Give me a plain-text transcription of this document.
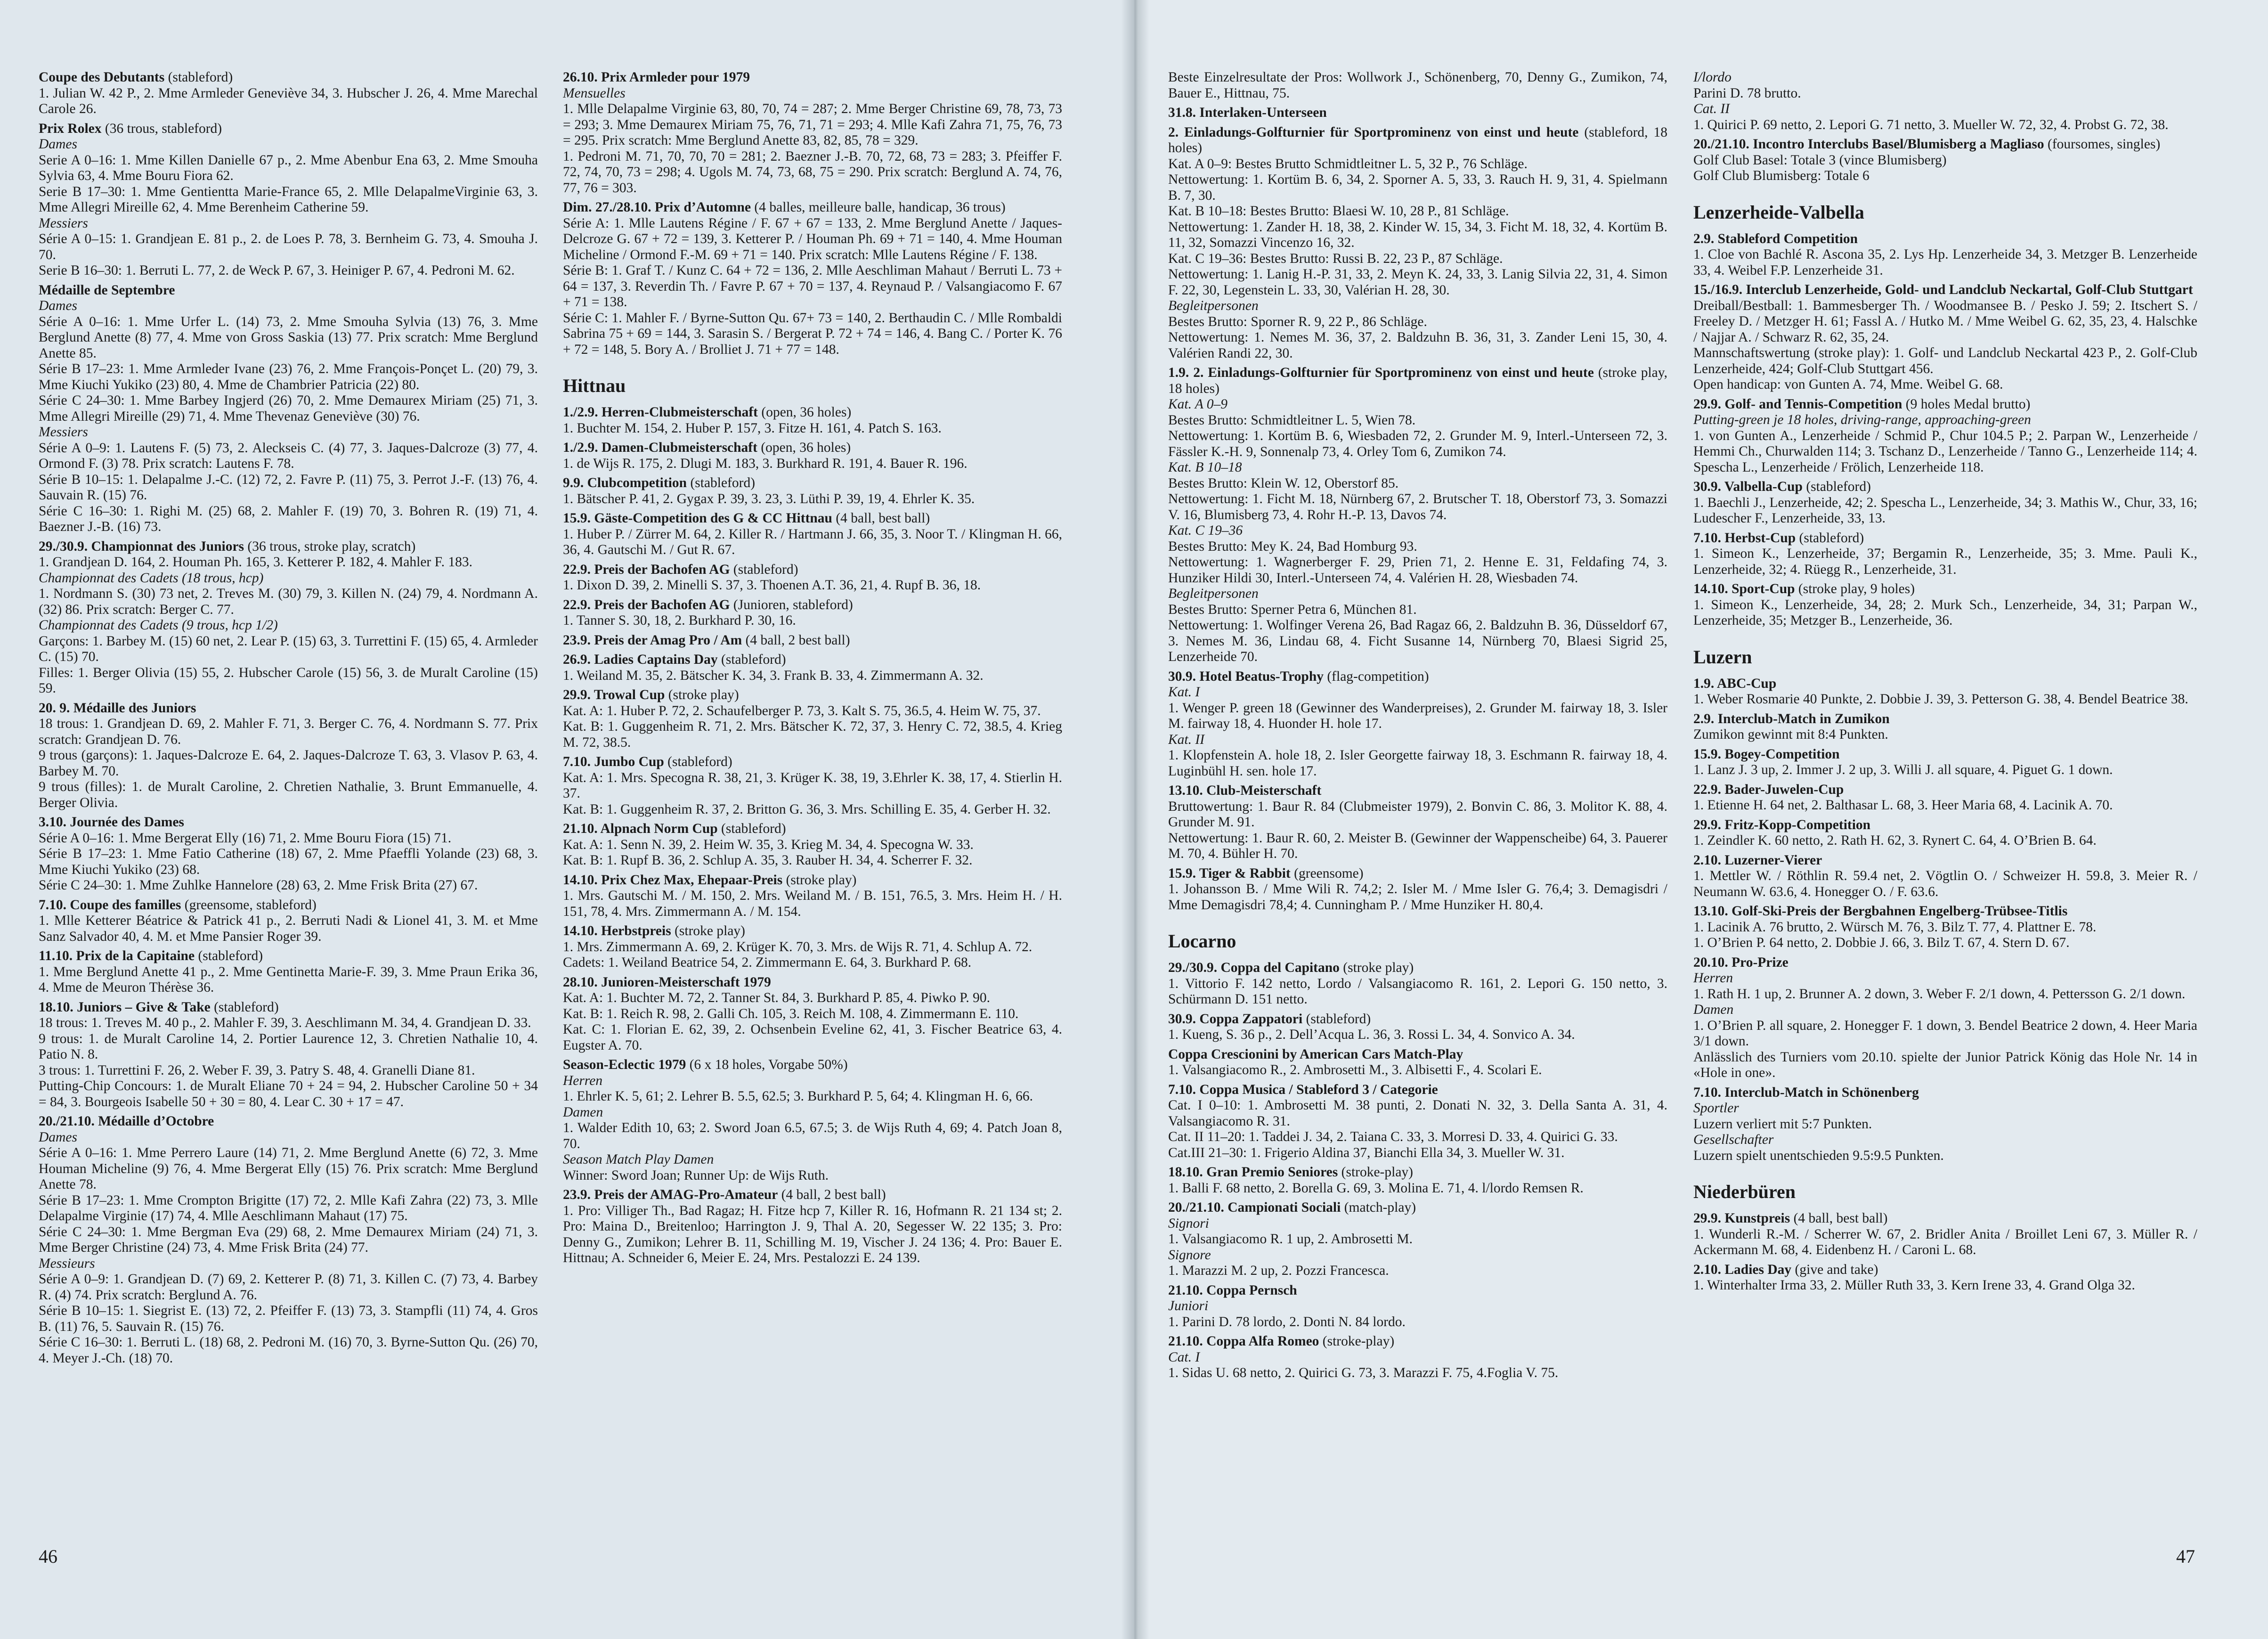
Coupe des Debutants (stableford)

1. Julian W. 42 P., 2. Mme Armleder Geneviève 34, 3. Hubscher J. 26, 4. Mme Marechal Carole 26.

Prix Rolex (36 trous, stableford)

Dames

Serie A 0–16: 1. Mme Killen Danielle 67 p., 2. Mme Abenbur Ena 63, 2. Mme Smouha Sylvia 63, 4. Mme Bouru Fiora 62.

Serie B 17–30: 1. Mme Gentientta Marie-France 65, 2. Mlle DelapalmeVirginie 63, 3. Mme Allegri Mireille 62, 4. Mme Berenheim Catherine 59.

Messiers

Série A 0–15: 1. Grandjean E. 81 p., 2. de Loes P. 78, 3. Bernheim G. 73, 4. Smouha J. 70.

Serie B 16–30: 1. Berruti L. 77, 2. de Weck P. 67, 3. Heiniger P. 67, 4. Pedroni M. 62.

Médaille de Septembre

Dames

Série A 0–16: 1. Mme Urfer L. (14) 73, 2. Mme Smouha Sylvia (13) 76, 3. Mme Berglund Anette (8) 77, 4. Mme von Gross Saskia (13) 77. Prix scratch: Mme Berglund Anette 85.

Série B 17–23: 1. Mme Armleder Ivane (23) 76, 2. Mme François-Ponçet L. (20) 79, 3. Mme Kiuchi Yukiko (23) 80, 4. Mme de Chambrier Patricia (22) 80.

Série C 24–30: 1. Mme Barbey Ingjerd (26) 70, 2. Mme Demaurex Miriam (25) 71, 3. Mme Allegri Mireille (29) 71, 4. Mme Thevenaz Geneviève (30) 76.

Messiers

Série A 0–9: 1. Lautens F. (5) 73, 2. Aleckseis C. (4) 77, 3. Jaques-Dalcroze (3) 77, 4. Ormond F. (3) 78. Prix scratch: Lautens F. 78.

Série B 10–15: 1. Delapalme J.-C. (12) 72, 2. Favre P. (11) 75, 3. Perrot J.-F. (13) 76, 4. Sauvain R. (15) 76.

Série C 16–30: 1. Righi M. (25) 68, 2. Mahler F. (19) 70, 3. Bohren R. (19) 71, 4. Baezner J.-B. (16) 73.

29./30.9. Championnat des Juniors (36 trous, stroke play, scratch)

1. Grandjean D. 164, 2. Houman Ph. 165, 3. Ketterer P. 182, 4. Mahler F. 183.

Championnat des Cadets (18 trous, hcp)

1. Nordmann S. (30) 73 net, 2. Treves M. (30) 79, 3. Killen N. (24) 79, 4. Nordmann A. (32) 86. Prix scratch: Berger C. 77.

Championnat des Cadets (9 trous, hcp 1/2)

Garçons: 1. Barbey M. (15) 60 net, 2. Lear P. (15) 63, 3. Turrettini F. (15) 65, 4. Armleder C. (15) 70.

Filles: 1. Berger Olivia (15) 55, 2. Hubscher Carole (15) 56, 3. de Muralt Caroline (15) 59.

20. 9. Médaille des Juniors

18 trous: 1. Grandjean D. 69, 2. Mahler F. 71, 3. Berger C. 76, 4. Nordmann S. 77. Prix scratch: Grandjean D. 76.

9 trous (garçons): 1. Jaques-Dalcroze E. 64, 2. Jaques-Dalcroze T. 63, 3. Vlasov P. 63, 4. Barbey M. 70.

9 trous (filles): 1. de Muralt Caroline, 2. Chretien Nathalie, 3. Brunt Emmanuelle, 4. Berger Olivia.

3.10. Journée des Dames

Série A 0–16: 1. Mme Bergerat Elly (16) 71, 2. Mme Bouru Fiora (15) 71.

Série B 17–23: 1. Mme Fatio Catherine (18) 67, 2. Mme Pfaeffli Yolande (23) 68, 3. Mme Kiuchi Yukiko (23) 68.

Série C 24–30: 1. Mme Zuhlke Hannelore (28) 63, 2. Mme Frisk Brita (27) 67.

7.10. Coupe des familles (greensome, stableford)

1. Mlle Ketterer Béatrice & Patrick 41 p., 2. Berruti Nadi & Lionel 41, 3. M. et Mme Sanz Salvador 40, 4. M. et Mme Pansier Roger 39.

11.10. Prix de la Capitaine (stableford)

1. Mme Berglund Anette 41 p., 2. Mme Gentinetta Marie-F. 39, 3. Mme Praun Erika 36, 4. Mme de Meuron Thérèse 36.

18.10. Juniors – Give & Take (stableford)

18 trous: 1. Treves M. 40 p., 2. Mahler F. 39, 3. Aeschlimann M. 34, 4. Grandjean D. 33.

9 trous: 1. de Muralt Caroline 14, 2. Portier Laurence 12, 3. Chretien Nathalie 10, 4. Patio N. 8.

3 trous: 1. Turrettini F. 26, 2. Weber F. 39, 3. Patry S. 48, 4. Granelli Diane 81.

Putting-Chip Concours: 1. de Muralt Eliane 70 + 24 = 94, 2. Hubscher Caroline 50 + 34 = 84, 3. Bourgeois Isabelle 50 + 30 = 80, 4. Lear C. 30 + 17 = 47.

20./21.10. Médaille d’Octobre

Dames

Série A 0–16: 1. Mme Perrero Laure (14) 71, 2. Mme Berglund Anette (6) 72, 3. Mme Houman Micheline (9) 76, 4. Mme Bergerat Elly (15) 76. Prix scratch: Mme Berglund Anette 78.

Série B 17–23: 1. Mme Crompton Brigitte (17) 72, 2. Mlle Kafi Zahra (22) 73, 3. Mlle Delapalme Virginie (17) 74, 4. Mlle Aeschlimann Mahaut (17) 75.

Série C 24–30: 1. Mme Bergman Eva (29) 68, 2. Mme Demaurex Miriam (24) 71, 3. Mme Berger Christine (24) 73, 4. Mme Frisk Brita (24) 77.

Messieurs

Série A 0–9: 1. Grandjean D. (7) 69, 2. Ketterer P. (8) 71, 3. Killen C. (7) 73, 4. Barbey R. (4) 74. Prix scratch: Berglund A. 76.

Série B 10–15: 1. Siegrist E. (13) 72, 2. Pfeiffer F. (13) 73, 3. Stampfli (11) 74, 4. Gros B. (11) 76, 5. Sauvain R. (15) 76.

Série C 16–30: 1. Berruti L. (18) 68, 2. Pedroni M. (16) 70, 3. Byrne-Sutton Qu. (26) 70, 4. Meyer J.-Ch. (18) 70.

26.10. Prix Armleder pour 1979

Mensuelles

1. Mlle Delapalme Virginie 63, 80, 70, 74 = 287; 2. Mme Berger Christine 69, 78, 73, 73 = 293; 3. Mme Demaurex Miriam 75, 76, 71, 71 = 293; 4. Mlle Kafi Zahra 71, 75, 76, 73 = 295. Prix scratch: Mme Berglund Anette 83, 82, 85, 78 = 329.

1. Pedroni M. 71, 70, 70, 70 = 281; 2. Baezner J.-B. 70, 72, 68, 73 = 283; 3. Pfeiffer F. 72, 74, 70, 73 = 298; 4. Ugols M. 74, 73, 68, 75 = 290. Prix scratch: Berglund A. 74, 76, 77, 76 = 303.

Dim. 27./28.10. Prix d’Automne (4 balles, meilleure balle, handicap, 36 trous)

Série A: 1. Mlle Lautens Régine / F. 67 + 67 = 133, 2. Mme Berglund Anette / Jaques-Delcroze G. 67 + 72 = 139, 3. Ketterer P. / Houman Ph. 69 + 71 = 140, 4. Mme Houman Micheline / Ormond F.-M. 69 + 71 = 140. Prix scratch: Mlle Lautens Régine / F. 138.

Série B: 1. Graf T. / Kunz C. 64 + 72 = 136, 2. Mlle Aeschliman Mahaut / Berruti L. 73 + 64 = 137, 3. Reverdin Th. / Favre P. 67 + 70 = 137, 4. Reynaud P. / Valsangiacomo F. 67 + 71 = 138.

Série C: 1. Mahler F. / Byrne-Sutton Qu. 67+ 73 = 140, 2. Berthaudin C. / Mlle Rombaldi Sabrina 75 + 69 = 144, 3. Sarasin S. / Bergerat P. 72 + 74 = 146, 4. Bang C. / Porter K. 76 + 72 = 148, 5. Bory A. / Brolliet J. 71 + 77 = 148.

Hittnau

1./2.9. Herren-Clubmeisterschaft (open, 36 holes)

1. Buchter M. 154, 2. Huber P. 157, 3. Fitze H. 161, 4. Patch S. 163.

1./2.9. Damen-Clubmeisterschaft (open, 36 holes)

1. de Wijs R. 175, 2. Dlugi M. 183, 3. Burkhard R. 191, 4. Bauer R. 196.

9.9. Clubcompetition (stableford)

1. Bätscher P. 41, 2. Gygax P. 39, 3. 23, 3. Lüthi P. 39, 19, 4. Ehrler K. 35.

15.9. Gäste-Competition des G & CC Hittnau (4 ball, best ball)

1. Huber P. / Zürrer M. 64, 2. Killer R. / Hartmann J. 66, 35, 3. Noor T. / Klingman H. 66, 36, 4. Gautschi M. / Gut R. 67.

22.9. Preis der Bachofen AG (stableford)

1. Dixon D. 39, 2. Minelli S. 37, 3. Thoenen A.T. 36, 21, 4. Rupf B. 36, 18.

22.9. Preis der Bachofen AG (Junioren, stableford)

1. Tanner S. 30, 18, 2. Burkhard P. 30, 16.

23.9. Preis der Amag Pro / Am (4 ball, 2 best ball)

26.9. Ladies Captains Day (stableford)

1. Weiland M. 35, 2. Bätscher K. 34, 3. Frank B. 33, 4. Zimmermann A. 32.

29.9. Trowal Cup (stroke play)

Kat. A: 1. Huber P. 72, 2. Schaufelberger P. 73, 3. Kalt S. 75, 36.5, 4. Heim W. 75, 37.

Kat. B: 1. Guggenheim R. 71, 2. Mrs. Bätscher K. 72, 37, 3. Henry C. 72, 38.5, 4. Krieg M. 72, 38.5.

7.10. Jumbo Cup (stableford)

Kat. A: 1. Mrs. Specogna R. 38, 21, 3. Krüger K. 38, 19, 3.Ehrler K. 38, 17, 4. Stierlin H. 37.

Kat. B: 1. Guggenheim R. 37, 2. Britton G. 36, 3. Mrs. Schilling E. 35, 4. Gerber H. 32.

21.10. Alpnach Norm Cup (stableford)

Kat. A: 1. Senn N. 39, 2. Heim W. 35, 3. Krieg M. 34, 4. Specogna W. 33.

Kat. B: 1. Rupf B. 36, 2. Schlup A. 35, 3. Rauber H. 34, 4. Scherrer F. 32.

14.10. Prix Chez Max, Ehepaar-Preis (stroke play)

1. Mrs. Gautschi M. / M. 150, 2. Mrs. Weiland M. / B. 151, 76.5, 3. Mrs. Heim H. / H. 151, 78, 4. Mrs. Zimmermann A. / M. 154.

14.10. Herbstpreis (stroke play)

1. Mrs. Zimmermann A. 69, 2. Krüger K. 70, 3. Mrs. de Wijs R. 71, 4. Schlup A. 72.

Cadets: 1. Weiland Beatrice 54, 2. Zimmermann E. 64, 3. Burkhard P. 68.

28.10. Junioren-Meisterschaft 1979

Kat. A: 1. Buchter M. 72, 2. Tanner St. 84, 3. Burkhard P. 85, 4. Piwko P. 90.

Kat. B: 1. Reich R. 98, 2. Galli Ch. 105, 3. Reich M. 108, 4. Zimmermann E. 110.

Kat. C: 1. Florian E. 62, 39, 2. Ochsenbein Eveline 62, 41, 3. Fischer Beatrice 63, 4. Eugster A. 70.

Season-Eclectic 1979 (6 x 18 holes, Vorgabe 50%)

Herren

1. Ehrler K. 5, 61; 2. Lehrer B. 5.5, 62.5; 3. Burkhard P. 5, 64; 4. Klingman H. 6, 66.

Damen

1. Walder Edith 10, 63; 2. Sword Joan 6.5, 67.5; 3. de Wijs Ruth 4, 69; 4. Patch Joan 8, 70.

Season Match Play Damen

Winner: Sword Joan; Runner Up: de Wijs Ruth.

23.9. Preis der AMAG-Pro-Amateur (4 ball, 2 best ball)

1. Pro: Villiger Th., Bad Ragaz; H. Fitze hcp 7, Killer R. 16, Hofmann R. 21 134 st; 2. Pro: Maina D., Breitenloo; Harrington J. 9, Thal A. 20, Segesser W. 22 135; 3. Pro: Denny G., Zumikon; Lehrer B. 11, Schilling M. 19, Vischer J. 24 136; 4. Pro: Bauer E. Hittnau; A. Schneider 6, Meier E. 24, Mrs. Pestalozzi E. 24 139.

46

Beste Einzelresultate der Pros: Wollwork J., Schönenberg, 70, Denny G., Zumikon, 74, Bauer E., Hittnau, 75.

31.8. Interlaken-Unterseen

2. Einladungs-Golfturnier für Sportprominenz von einst und heute (stableford, 18 holes)

Kat. A 0–9: Bestes Brutto Schmidtleitner L. 5, 32 P., 76 Schläge.

Nettowertung: 1. Kortüm B. 6, 34, 2. Sporner A. 5, 33, 3. Rauch H. 9, 31, 4. Spielmann B. 7, 30.

Kat. B 10–18: Bestes Brutto: Blaesi W. 10, 28 P., 81 Schläge.

Nettowertung: 1. Zander H. 18, 38, 2. Kinder W. 15, 34, 3. Ficht M. 18, 32, 4. Kortüm B. 11, 32, Somazzi Vincenzo 16, 32.

Kat. C 19–36: Bestes Brutto: Russi B. 22, 23 P., 87 Schläge.

Nettowertung: 1. Lanig H.-P. 31, 33, 2. Meyn K. 24, 33, 3. Lanig Silvia 22, 31, 4. Simon F. 22, 30, Legenstein L. 33, 30, Valérian H. 28, 30.

Begleitpersonen

Bestes Brutto: Sporner R. 9, 22 P., 86 Schläge.

Nettowertung: 1. Nemes M. 36, 37, 2. Baldzuhn B. 36, 31, 3. Zander Leni 15, 30, 4. Valérien Randi 22, 30.

1.9. 2. Einladungs-Golfturnier für Sportprominenz von einst und heute (stroke play, 18 holes)

Kat. A 0–9

Bestes Brutto: Schmidtleitner L. 5, Wien 78.

Nettowertung: 1. Kortüm B. 6, Wiesbaden 72, 2. Grunder M. 9, Interl.-Unterseen 72, 3. Fässler K.-H. 9, Sonnenalp 73, 4. Orley Tom 6, Zumikon 74.

Kat. B 10–18

Bestes Brutto: Klein W. 12, Oberstorf 85.

Nettowertung: 1. Ficht M. 18, Nürnberg 67, 2. Brutscher T. 18, Oberstorf 73, 3. Somazzi V. 16, Blumisberg 73, 4. Rohr H.-P. 13, Davos 74.

Kat. C 19–36

Bestes Brutto: Mey K. 24, Bad Homburg 93.

Nettowertung: 1. Wagnerberger F. 29, Prien 71, 2. Henne E. 31, Feldafing 74, 3. Hunziker Hildi 30, Interl.-Unterseen 74, 4. Valérien H. 28, Wiesbaden 74.

Begleitpersonen

Bestes Brutto: Sperner Petra 6, München 81.

Nettowertung: 1. Wolfinger Verena 26, Bad Ragaz 66, 2. Baldzuhn B. 36, Düsseldorf 67, 3. Nemes M. 36, Lindau 68, 4. Ficht Susanne 14, Nürnberg 70, Blaesi Sigrid 25, Lenzerheide 70.

30.9. Hotel Beatus-Trophy (flag-competition)

Kat. I

1. Wenger P. green 18 (Gewinner des Wanderpreises), 2. Grunder M. fairway 18, 3. Isler M. fairway 18, 4. Huonder H. hole 17.

Kat. II

1. Klopfenstein A. hole 18, 2. Isler Georgette fairway 18, 3. Eschmann R. fairway 18, 4. Luginbühl H. sen. hole 17.

13.10. Club-Meisterschaft

Bruttowertung: 1. Baur R. 84 (Clubmeister 1979), 2. Bonvin C. 86, 3. Molitor K. 88, 4. Grunder M. 91.

Nettowertung: 1. Baur R. 60, 2. Meister B. (Gewinner der Wappenscheibe) 64, 3. Pauerer M. 70, 4. Bühler H. 70.

15.9. Tiger & Rabbit (greensome)

1. Johansson B. / Mme Wili R. 74,2; 2. Isler M. / Mme Isler G. 76,4; 3. Demagisdri / Mme Demagisdri 78,4; 4. Cunningham P. / Mme Hunziker H. 80,4.

Locarno

29./30.9. Coppa del Capitano (stroke play)

1. Vittorio F. 142 netto, Lordo / Valsangiacomo R. 161, 2. Lepori G. 150 netto, 3. Schürmann D. 151 netto.

30.9. Coppa Zappatori (stableford)

1. Kueng, S. 36 p., 2. Dell’Acqua L. 36, 3. Rossi L. 34, 4. Sonvico A. 34.

Coppa Crescionini by American Cars Match-Play

1. Valsangiacomo R., 2. Ambrosetti M., 3. Albisetti F., 4. Scolari E.

7.10. Coppa Musica / Stableford 3 / Categorie

Cat. I 0–10: 1. Ambrosetti M. 38 punti, 2. Donati N. 32, 3. Della Santa A. 31, 4. Valsangiacomo R. 31.

Cat. II 11–20: 1. Taddei J. 34, 2. Taiana C. 33, 3. Morresi D. 33, 4. Quirici G. 33.

Cat.III 21–30: 1. Frigerio Aldina 37, Bianchi Ella 34, 3. Mueller W. 31.

18.10. Gran Premio Seniores (stroke-play)

1. Balli F. 68 netto, 2. Borella G. 69, 3. Molina E. 71, 4. l/lordo Remsen R.

20./21.10. Campionati Sociali (match-play)

Signori

1. Valsangiacomo R. 1 up, 2. Ambrosetti M.

Signore

1. Marazzi M. 2 up, 2. Pozzi Francesca.

21.10. Coppa Pernsch

Juniori

1. Parini D. 78 lordo, 2. Donti N. 84 lordo.

21.10. Coppa Alfa Romeo (stroke-play)

Cat. I

1. Sidas U. 68 netto, 2. Quirici G. 73, 3. Marazzi F. 75, 4.Foglia V. 75.

I/lordo

Parini D. 78 brutto.

Cat. II

1. Quirici P. 69 netto, 2. Lepori G. 71 netto, 3. Mueller W. 72, 32, 4. Probst G. 72, 38.

20./21.10. Incontro Interclubs Basel/Blumisberg a Magliaso (foursomes, singles)

Golf Club Basel: Totale 3 (vince Blumisberg)

Golf Club Blumisberg: Totale 6

Lenzerheide-Valbella

2.9. Stableford Competition

1. Cloe von Bachlé R. Ascona 35, 2. Lys Hp. Lenzerheide 34, 3. Metzger B. Lenzerheide 33, 4. Weibel F.P. Lenzerheide 31.

15./16.9. Interclub Lenzerheide, Gold- und Landclub Neckartal, Golf-Club Stuttgart

Dreiball/Bestball: 1. Bammesberger Th. / Woodmansee B. / Pesko J. 59; 2. Itschert S. / Freeley D. / Metzger H. 61; Fassl A. / Hutko M. / Mme Weibel G. 62, 35, 23, 4. Halschke / Najjar A. / Schwarz R. 62, 35, 24.

Mannschaftswertung (stroke play): 1. Golf- und Landclub Neckartal 423 P., 2. Golf-Club Lenzerheide, 424; Golf-Club Stuttgart 456.

Open handicap: von Gunten A. 74, Mme. Weibel G. 68.

29.9. Golf- and Tennis-Competition (9 holes Medal brutto)

Putting-green je 18 holes, driving-range, approaching-green

1. von Gunten A., Lenzerheide / Schmid P., Chur 104.5 P.; 2. Parpan W., Lenzerheide / Hemmi Ch., Churwalden 114; 3. Tschanz D., Lenzerheide / Tanno G., Lenzerheide 114; 4. Spescha L., Lenzerheide / Frölich, Lenzerheide 118.

30.9. Valbella-Cup (stableford)

1. Baechli J., Lenzerheide, 42; 2. Spescha L., Lenzerheide, 34; 3. Mathis W., Chur, 33, 16; Ludescher F., Lenzerheide, 33, 13.

7.10. Herbst-Cup (stableford)

1. Simeon K., Lenzerheide, 37; Bergamin R., Lenzerheide, 35; 3. Mme. Pauli K., Lenzerheide, 32; 4. Rüegg R., Lenzerheide, 31.

14.10. Sport-Cup (stroke play, 9 holes)

1. Simeon K., Lenzerheide, 34, 28; 2. Murk Sch., Lenzerheide, 34, 31; Parpan W., Lenzerheide, 35; Metzger B., Lenzerheide, 36.

Luzern

1.9. ABC-Cup

1. Weber Rosmarie 40 Punkte, 2. Dobbie J. 39, 3. Petterson G. 38, 4. Bendel Beatrice 38.

2.9. Interclub-Match in Zumikon

Zumikon gewinnt mit 8:4 Punkten.

15.9. Bogey-Competition

1. Lanz J. 3 up, 2. Immer J. 2 up, 3. Willi J. all square, 4. Piguet G. 1 down.

22.9. Bader-Juwelen-Cup

1. Etienne H. 64 net, 2. Balthasar L. 68, 3. Heer Maria 68, 4. Lacinik A. 70.

29.9. Fritz-Kopp-Competition

1. Zeindler K. 60 netto, 2. Rath H. 62, 3. Rynert C. 64, 4. O’Brien B. 64.

2.10. Luzerner-Vierer

1. Mettler W. / Röthlin R. 59.4 net, 2. Vögtlin O. / Schweizer H. 59.8, 3. Meier R. / Neumann W. 63.6, 4. Honegger O. / F. 63.6.

13.10. Golf-Ski-Preis der Bergbahnen Engelberg-Trübsee-Titlis

1. Lacinik A. 76 brutto, 2. Würsch M. 76, 3. Bilz T. 77, 4. Plattner E. 78.

1. O’Brien P. 64 netto, 2. Dobbie J. 66, 3. Bilz T. 67, 4. Stern D. 67.

20.10. Pro-Prize

Herren

1. Rath H. 1 up, 2. Brunner A. 2 down, 3. Weber F. 2/1 down, 4. Pettersson G. 2/1 down.

Damen

1. O’Brien P. all square, 2. Honegger F. 1 down, 3. Bendel Beatrice 2 down, 4. Heer Maria 3/1 down.

Anlässlich des Turniers vom 20.10. spielte der Junior Patrick König das Hole Nr. 14 in «Hole in one».

7.10. Interclub-Match in Schönenberg

Sportler

Luzern verliert mit 5:7 Punkten.

Gesellschafter

Luzern spielt unentschieden 9.5:9.5 Punkten.

Niederbüren

29.9. Kunstpreis (4 ball, best ball)

1. Wunderli R.-M. / Scherrer W. 67, 2. Bridler Anita / Broillet Leni 67, 3. Müller R. / Ackermann M. 68, 4. Eidenbenz H. / Caroni L. 68.

2.10. Ladies Day (give and take)

1. Winterhalter Irma 33, 2. Müller Ruth 33, 3. Kern Irene 33, 4. Grand Olga 32.

47
